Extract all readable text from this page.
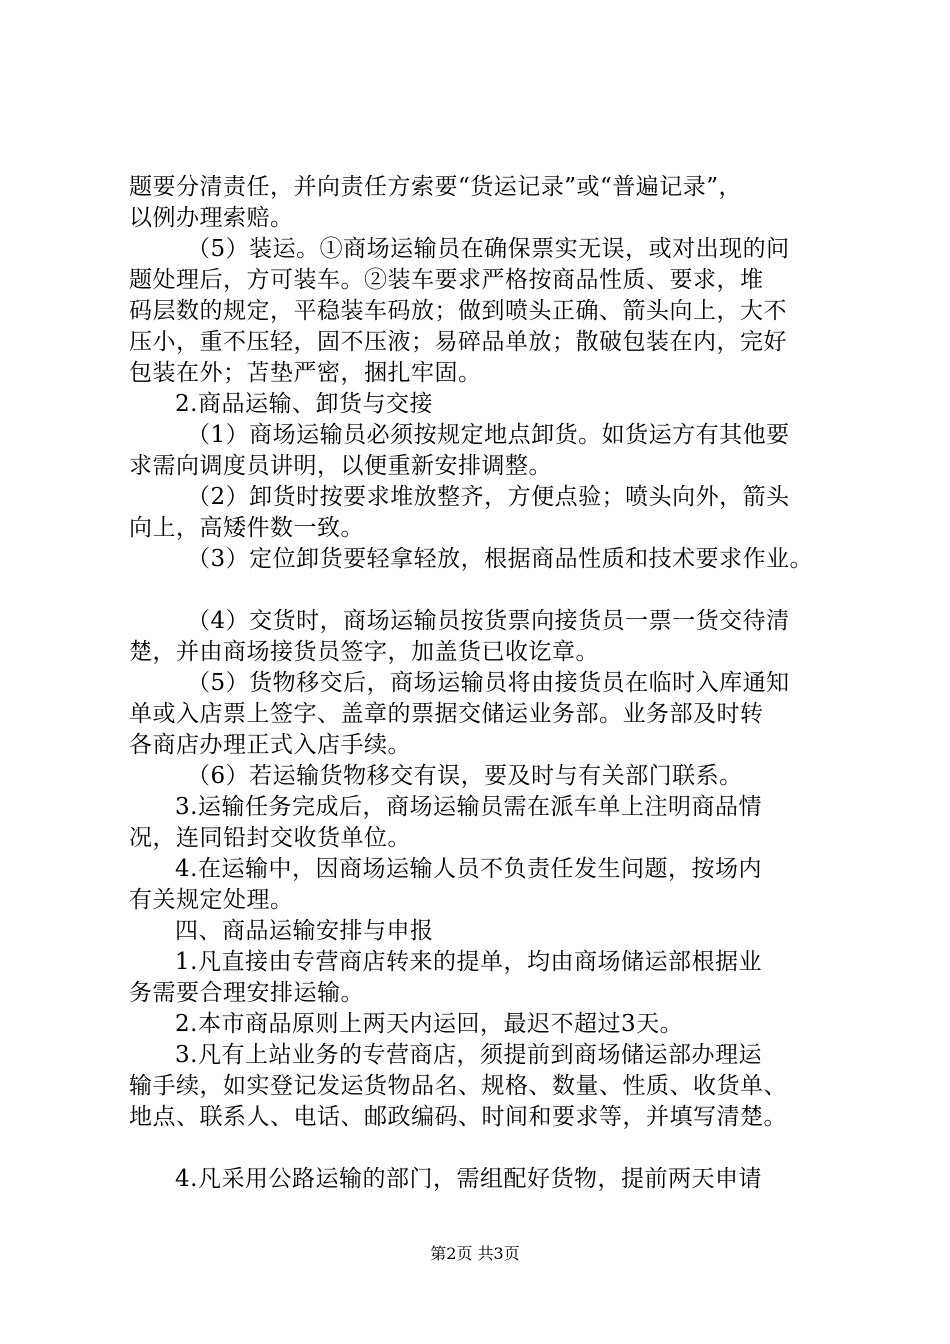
题要分清责任，并向责任方索要“货运记录”或“普遍记录”，
以例办理索赔。
（5）装运。①商场运输员在确保票实无误，或对出现的问
题处理后，方可装车。②装车要求严格按商品性质、要求，堆
码层数的规定，平稳装车码放；做到喷头正确、箭头向上，大不
压小，重不压轻，固不压液；易碎品单放；散破包装在内，完好
包装在外；苫垫严密，捆扎牢固。
2.商品运输、卸货与交接
（1）商场运输员必须按规定地点卸货。如货运方有其他要
求需向调度员讲明，以便重新安排调整。
（2）卸货时按要求堆放整齐，方便点验；喷头向外，箭头
向上，高矮件数一致。
（3）定位卸货要轻拿轻放，根据商品性质和技术要求作业。
（4）交货时，商场运输员按货票向接货员一票一货交待清
楚，并由商场接货员签字，加盖货已收讫章。
（5）货物移交后，商场运输员将由接货员在临时入库通知
单或入店票上签字、盖章的票据交储运业务部。业务部及时转
各商店办理正式入店手续。
（6）若运输货物移交有误，要及时与有关部门联系。
3.运输任务完成后，商场运输员需在派车单上注明商品情
况，连同铅封交收货单位。
4.在运输中，因商场运输人员不负责任发生问题，按场内
有关规定处理。
四、商品运输安排与申报
1.凡直接由专营商店转来的提单，均由商场储运部根据业
务需要合理安排运输。
2.本市商品原则上两天内运回，最迟不超过3天。
3.凡有上站业务的专营商店，须提前到商场储运部办理运
输手续，如实登记发运货物品名、规格、数量、性质、收货单、
地点、联系人、电话、邮政编码、时间和要求等，并填写清楚。
4.凡采用公路运输的部门，需组配好货物，提前两天申请
第2页 共3页
